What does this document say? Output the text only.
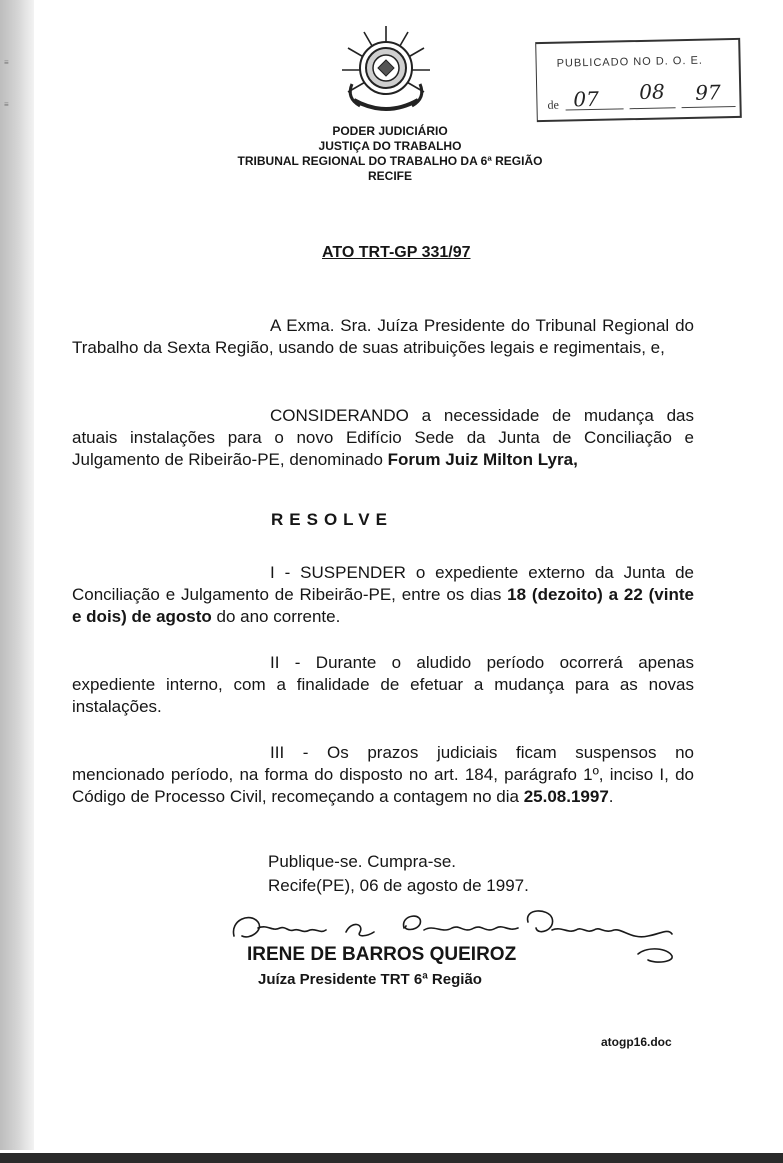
≡
≡
PODER JUDICIÁRIO
JUSTIÇA DO TRABALHO
TRIBUNAL REGIONAL DO TRABALHO DA 6ª REGIÃO
RECIFE
PUBLICADO NO D. O. E.
de 07 08 97
ATO TRT-GP 331/97
A Exma. Sra. Juíza Presidente do Tribunal Regional do Trabalho da Sexta Região, usando de suas atribuições legais e regimentais, e,
CONSIDERANDO a necessidade de mudança das atuais instalações para o novo Edifício Sede da Junta de Conciliação e Julgamento de Ribeirão-PE, denominado Forum Juiz Milton Lyra,
RESOLVE
I - SUSPENDER o expediente externo da Junta de Conciliação e Julgamento de Ribeirão-PE, entre os dias 18 (dezoito) a 22 (vinte e dois) de agosto do ano corrente.
II - Durante o aludido período ocorrerá apenas expediente interno, com a finalidade de efetuar a mudança para as novas instalações.
III - Os prazos judiciais ficam suspensos no mencionado período, na forma do disposto no art. 184, parágrafo 1º, inciso I, do Código de Processo Civil, recomeçando a contagem no dia 25.08.1997.
Publique-se. Cumpra-se.
Recife(PE), 06 de agosto de 1997.
IRENE DE BARROS QUEIROZ
Juíza Presidente TRT 6ª Região
atogp16.doc
